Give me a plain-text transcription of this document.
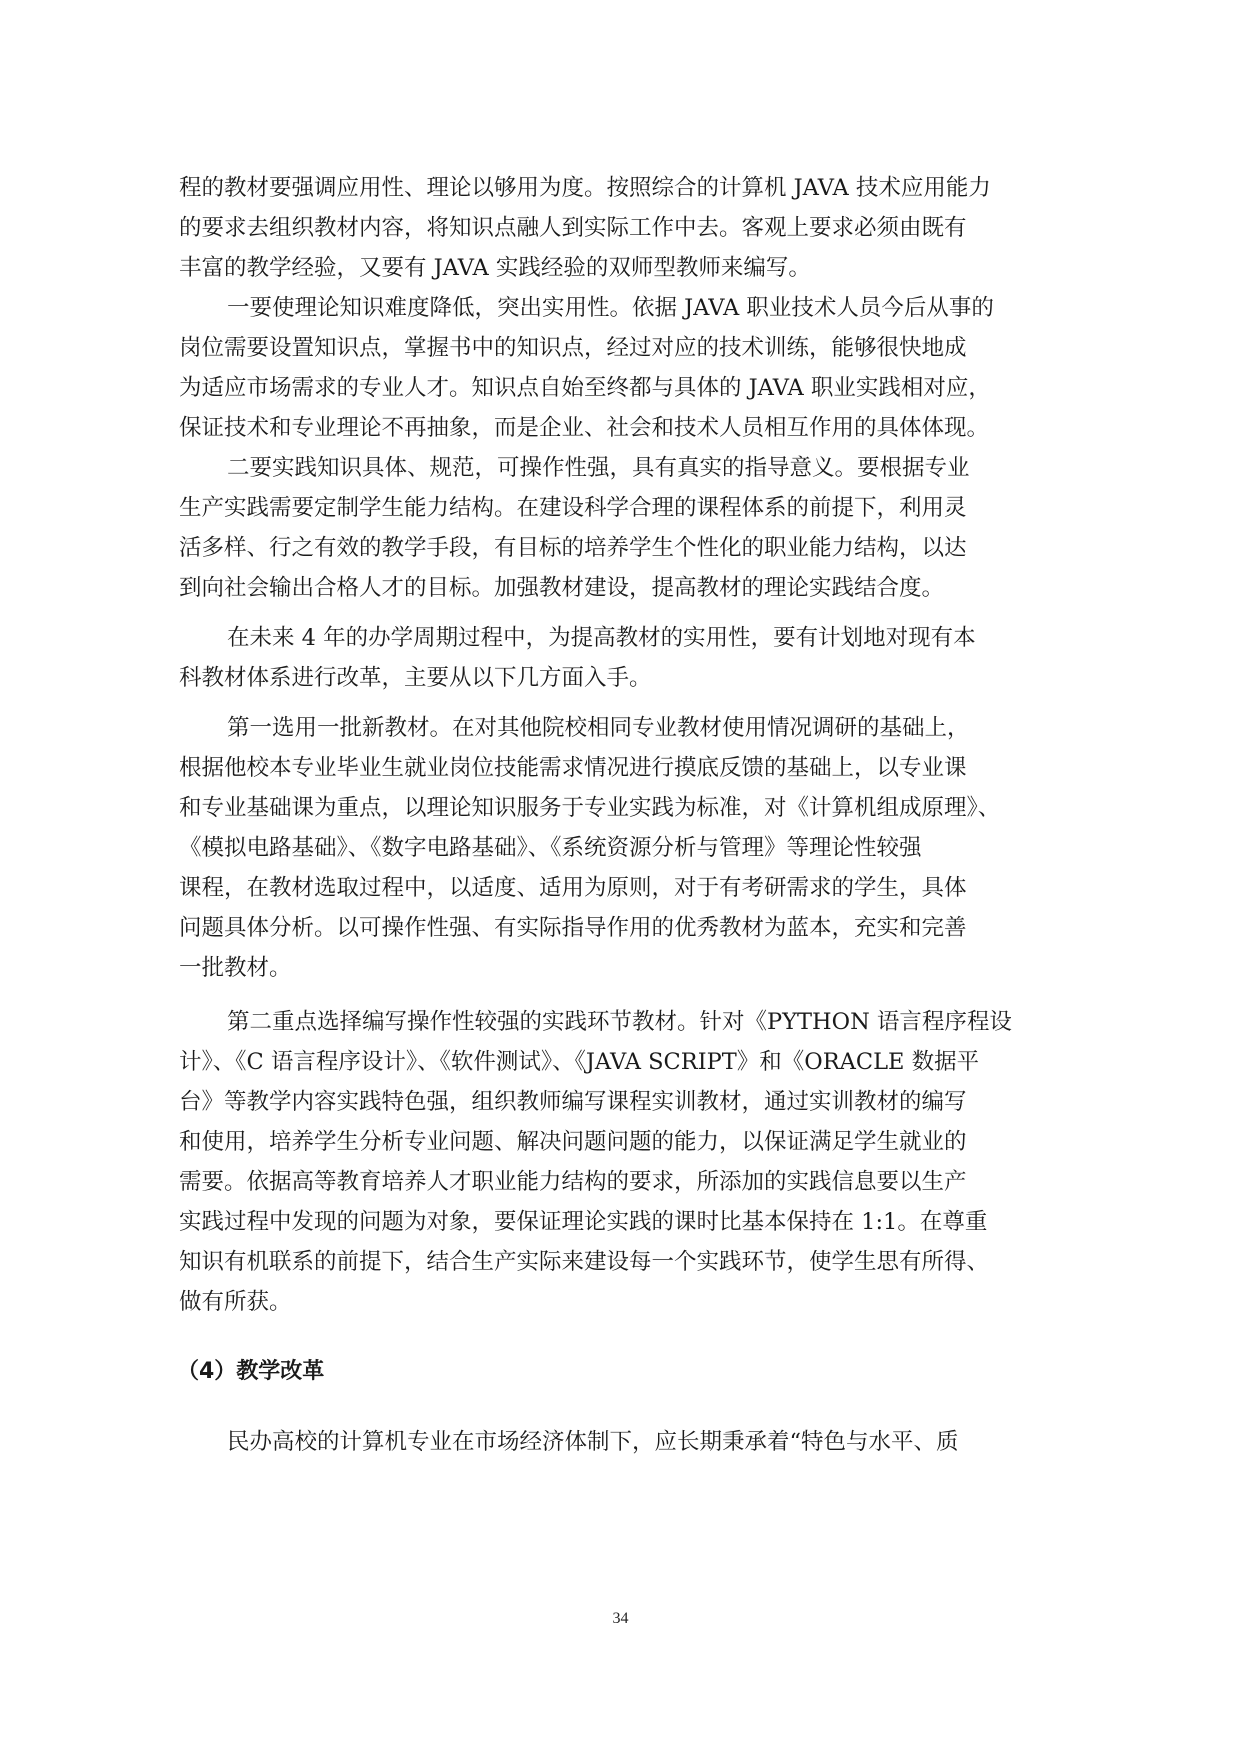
程的教材要强调应用性、理论以够用为度。按照综合的计算机 JAVA 技术应用能力
的要求去组织教材内容，将知识点融人到实际工作中去。客观上要求必须由既有
丰富的教学经验，又要有 JAVA 实践经验的双师型教师来编写。
一要使理论知识难度降低，突出实用性。依据 JAVA 职业技术人员今后从事的
岗位需要设置知识点，掌握书中的知识点，经过对应的技术训练，能够很快地成
为适应市场需求的专业人才。知识点自始至终都与具体的 JAVA 职业实践相对应，
保证技术和专业理论不再抽象，而是企业、社会和技术人员相互作用的具体体现。
二要实践知识具体、规范，可操作性强，具有真实的指导意义。要根据专业
生产实践需要定制学生能力结构。在建设科学合理的课程体系的前提下，利用灵
活多样、行之有效的教学手段，有目标的培养学生个性化的职业能力结构，以达
到向社会输出合格人才的目标。加强教材建设，提高教材的理论实践结合度。
在未来 4 年的办学周期过程中，为提高教材的实用性，要有计划地对现有本
科教材体系进行改革，主要从以下几方面入手。
第一选用一批新教材。在对其他院校相同专业教材使用情况调研的基础上，
根据他校本专业毕业生就业岗位技能需求情况进行摸底反馈的基础上，以专业课
和专业基础课为重点，以理论知识服务于专业实践为标准，对《计算机组成原理》、
《模拟电路基础》、《数字电路基础》、《系统资源分析与管理》等理论性较强
课程，在教材选取过程中，以适度、适用为原则，对于有考研需求的学生，具体
问题具体分析。以可操作性强、有实际指导作用的优秀教材为蓝本，充实和完善
一批教材。
第二重点选择编写操作性较强的实践环节教材。针对《PYTHON 语言程序程设
计》、《C 语言程序设计》、《软件测试》、《JAVA SCRIPT》和《ORACLE 数据平
台》等教学内容实践特色强，组织教师编写课程实训教材，通过实训教材的编写
和使用，培养学生分析专业问题、解决问题问题的能力，以保证满足学生就业的
需要。依据高等教育培养人才职业能力结构的要求，所添加的实践信息要以生产
实践过程中发现的问题为对象，要保证理论实践的课时比基本保持在 1:1。在尊重
知识有机联系的前提下，结合生产实际来建设每一个实践环节，使学生思有所得、
做有所获。
（4）教学改革
民办高校的计算机专业在市场经济体制下，应长期秉承着“特色与水平、质
34
